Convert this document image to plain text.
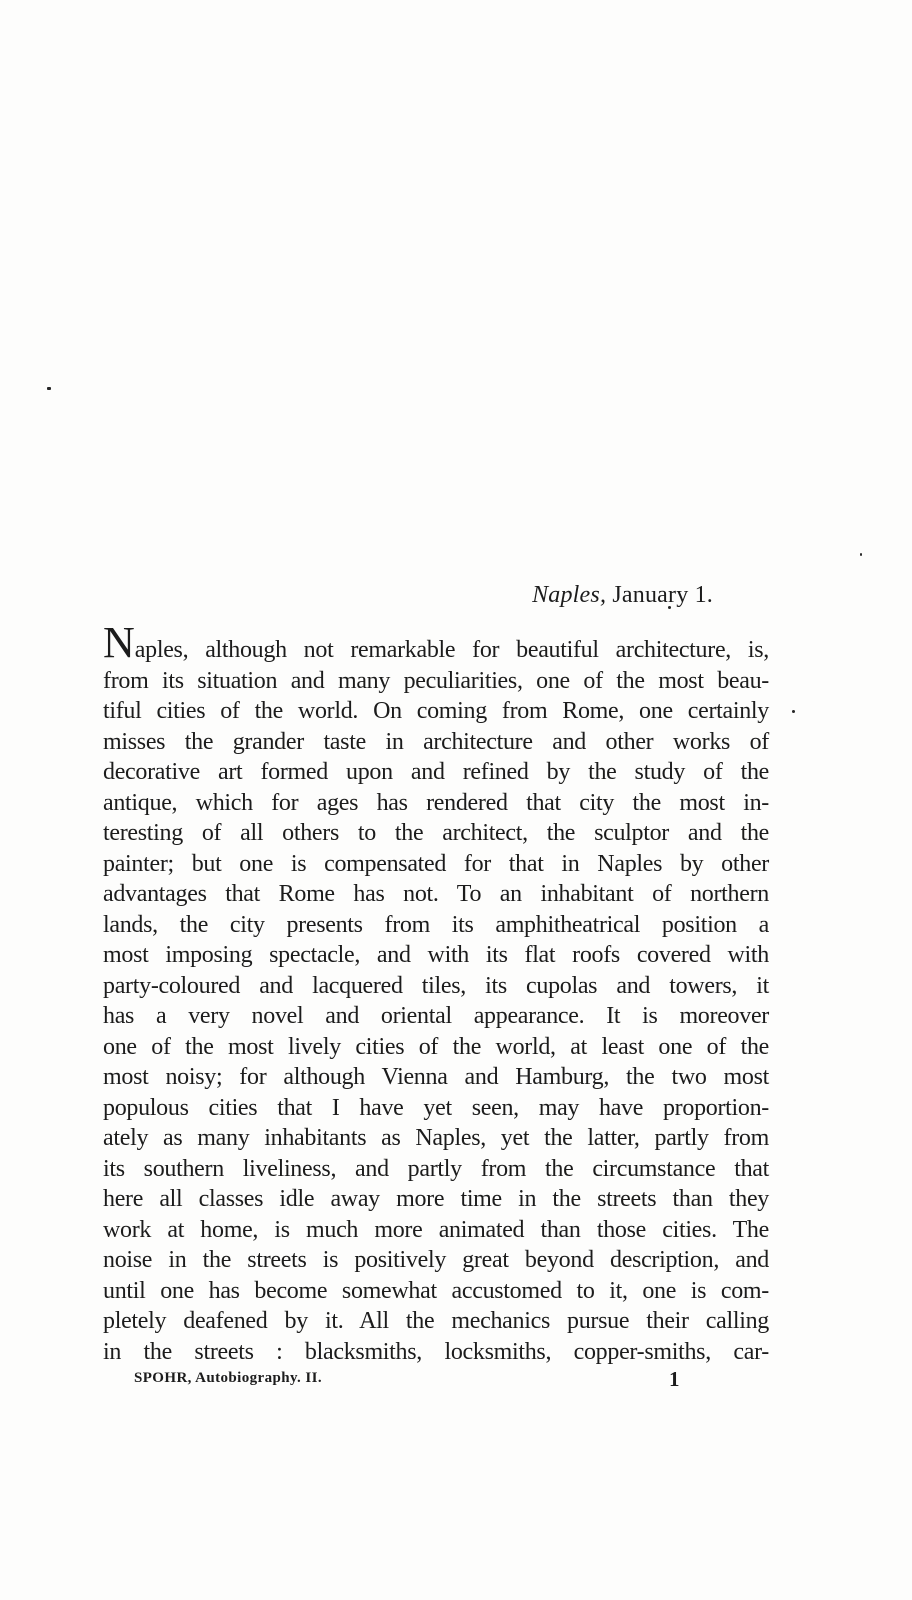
Naples, January 1.
Naples, although not remarkable for beautiful architecture, is,
from its situation and many peculiarities, one of the most beau-
tiful cities of the world. On coming from Rome, one certainly
misses the grander taste in architecture and other works of
decorative art formed upon and refined by the study of the
antique, which for ages has rendered that city the most in-
teresting of all others to the architect, the sculptor and the
painter; but one is compensated for that in Naples by other
advantages that Rome has not. To an inhabitant of northern
lands, the city presents from its amphitheatrical position a
most imposing spectacle, and with its flat roofs covered with
party-coloured and lacquered tiles, its cupolas and towers, it
has a very novel and oriental appearance. It is moreover
one of the most lively cities of the world, at least one of the
most noisy; for although Vienna and Hamburg, the two most
populous cities that I have yet seen, may have proportion-
ately as many inhabitants as Naples, yet the latter, partly from
its southern liveliness, and partly from the circumstance that
here all classes idle away more time in the streets than they
work at home, is much more animated than those cities. The
noise in the streets is positively great beyond description, and
until one has become somewhat accustomed to it, one is com-
pletely deafened by it. All the mechanics pursue their calling
in the streets : blacksmiths, locksmiths, copper-smiths, car-
SPOHR, Autobiography. II.	1
